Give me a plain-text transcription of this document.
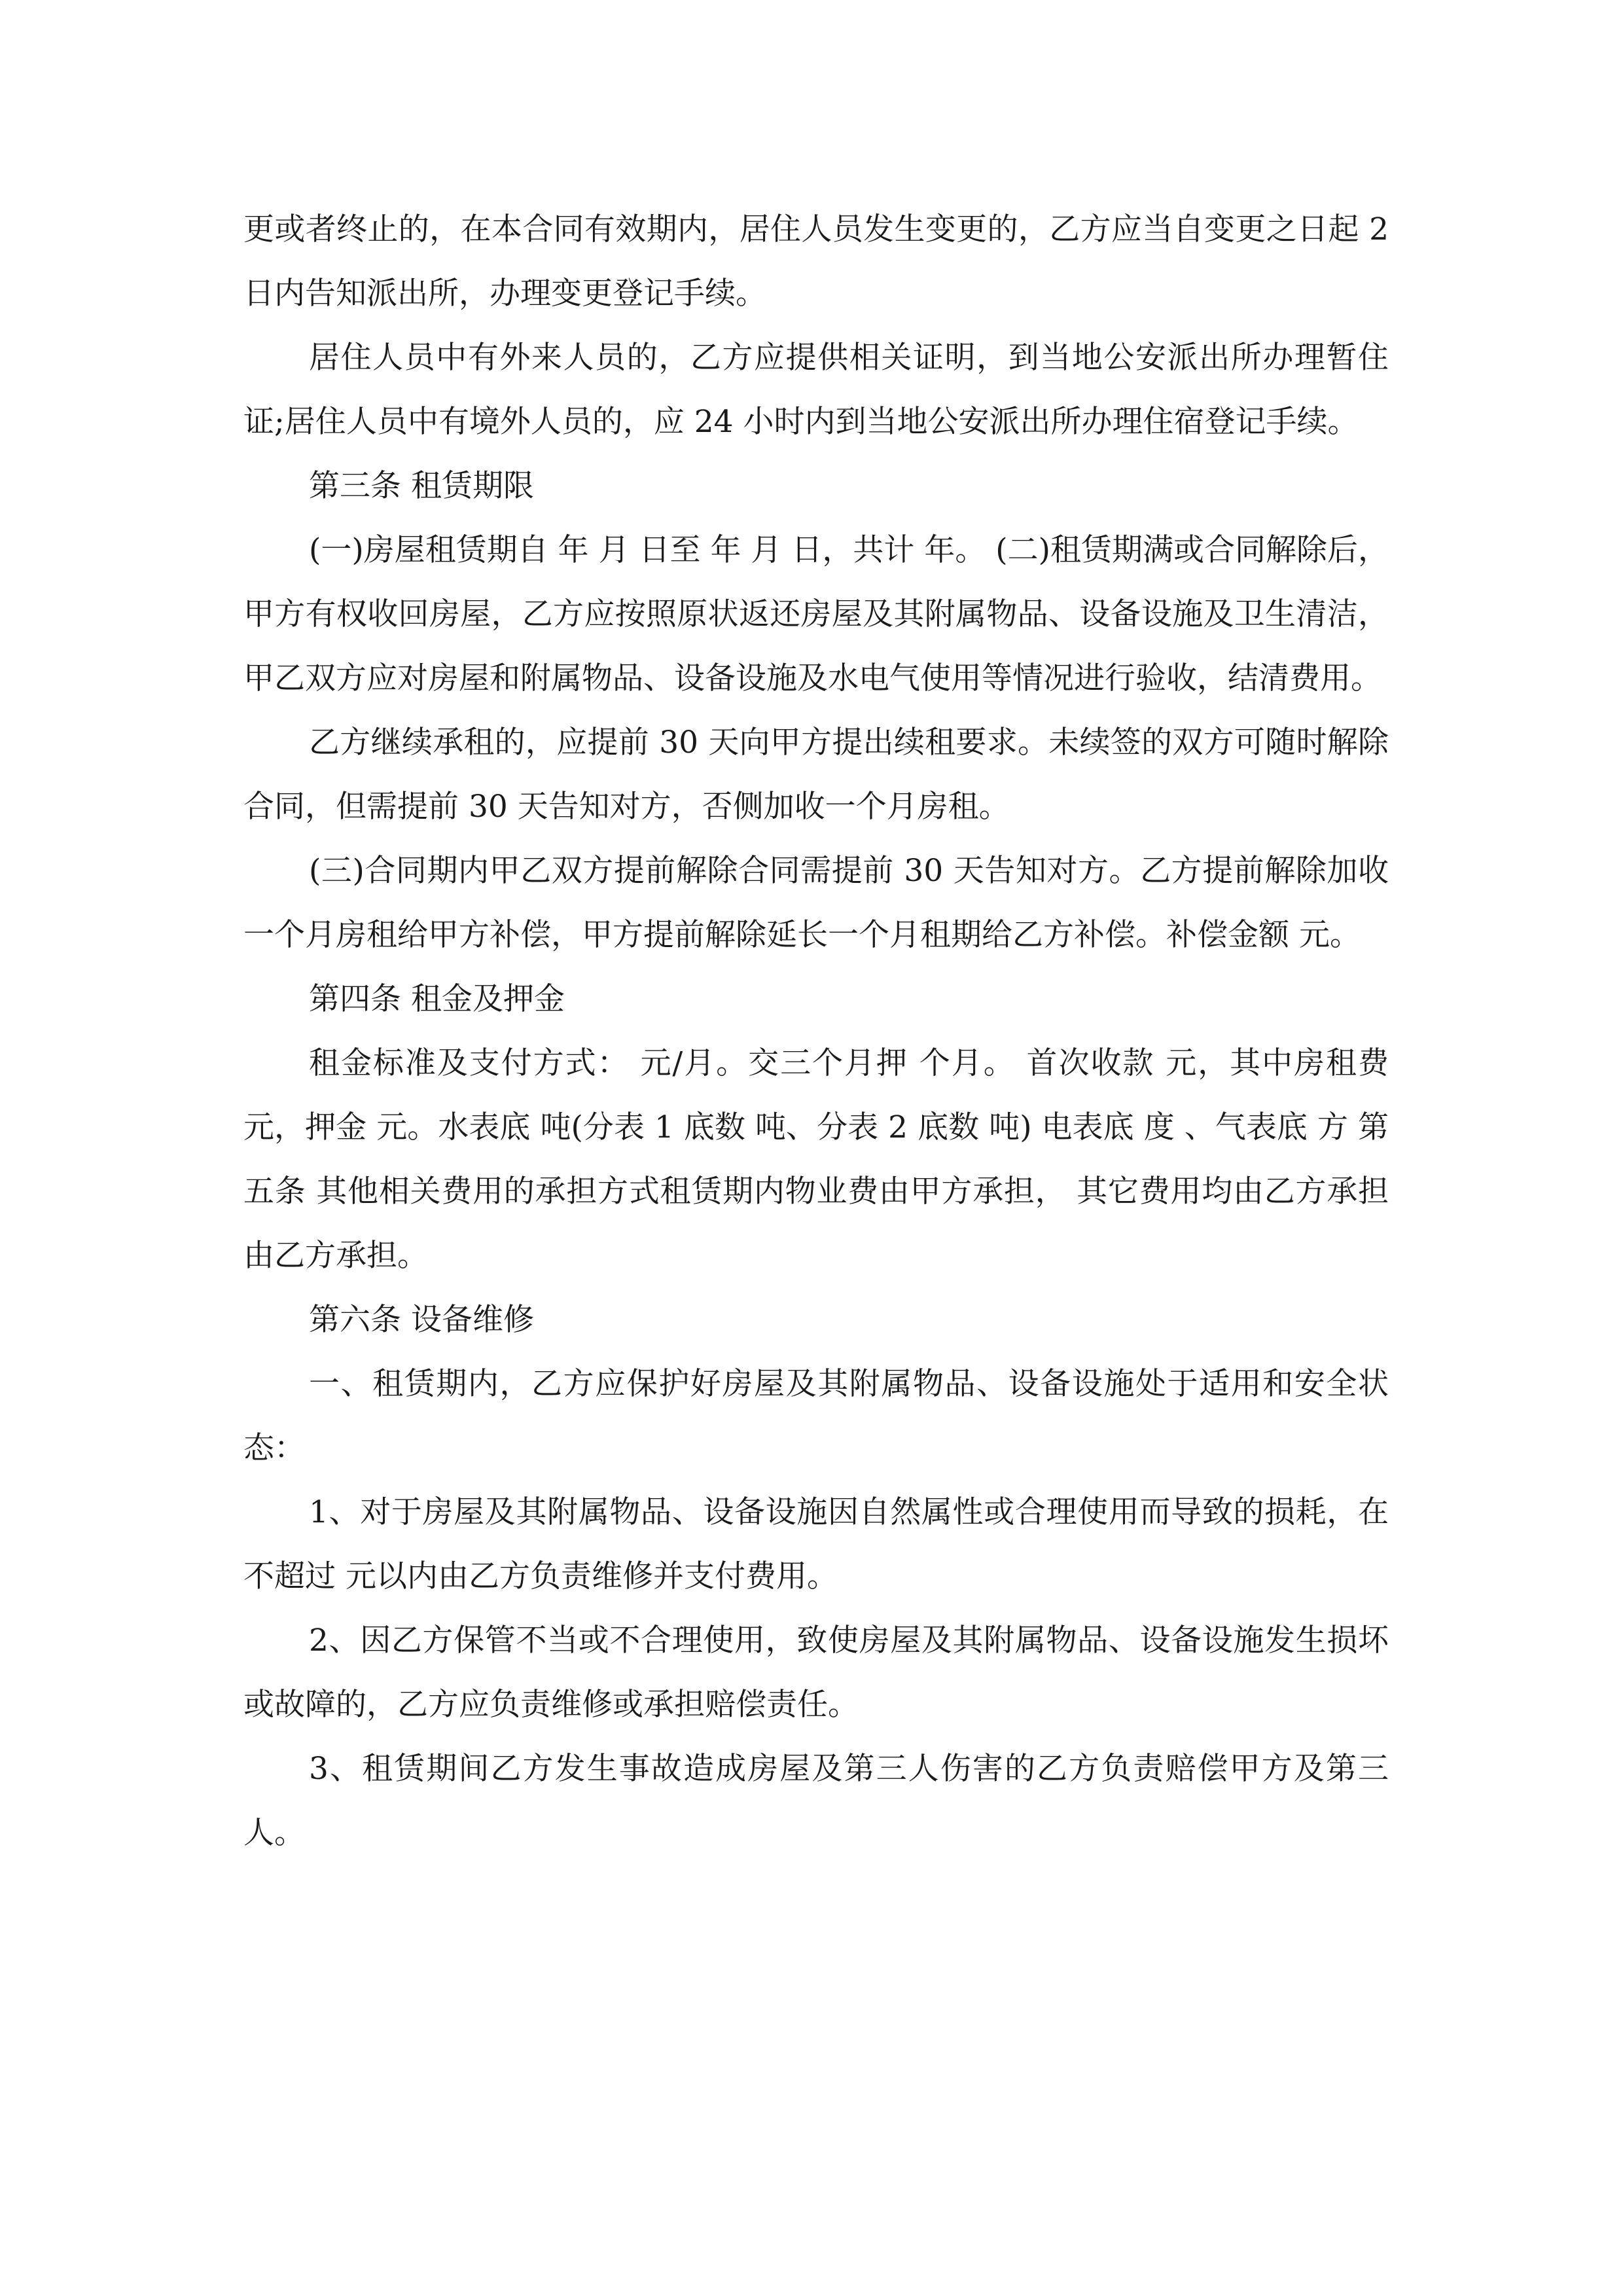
更或者终止的，在本合同有效期内，居住人员发生变更的，乙方应当自变更之日起 2 日内告知派出所，办理变更登记手续。

居住人员中有外来人员的，乙方应提供相关证明，到当地公安派出所办理暂住证;居住人员中有境外人员的，应 24 小时内到当地公安派出所办理住宿登记手续。

第三条 租赁期限

(一)房屋租赁期自 年 月 日至 年 月 日，共计 年。 (二)租赁期满或合同解除后，甲方有权收回房屋，乙方应按照原状返还房屋及其附属物品、设备设施及卫生清洁，甲乙双方应对房屋和附属物品、设备设施及水电气使用等情况进行验收，结清费用。

乙方继续承租的，应提前 30 天向甲方提出续租要求。未续签的双方可随时解除合同，但需提前 30 天告知对方，否侧加收一个月房租。

(三)合同期内甲乙双方提前解除合同需提前 30 天告知对方。乙方提前解除加收一个月房租给甲方补偿，甲方提前解除延长一个月租期给乙方补偿。补偿金额 元。

第四条 租金及押金

租金标准及支付方式： 元/月。交三个月押 个月。 首次收款 元，其中房租费 元，押金 元。水表底 吨(分表 1 底数 吨、分表 2 底数 吨) 电表底 度 、气表底 方 第五条 其他相关费用的承担方式租赁期内物业费由甲方承担， 其它费用均由乙方承担 由乙方承担。

第六条 设备维修

一、租赁期内，乙方应保护好房屋及其附属物品、设备设施处于适用和安全状态：

1、对于房屋及其附属物品、设备设施因自然属性或合理使用而导致的损耗，在不超过 元以内由乙方负责维修并支付费用。

2、因乙方保管不当或不合理使用，致使房屋及其附属物品、设备设施发生损坏或故障的，乙方应负责维修或承担赔偿责任。

3、租赁期间乙方发生事故造成房屋及第三人伤害的乙方负责赔偿甲方及第三人。
